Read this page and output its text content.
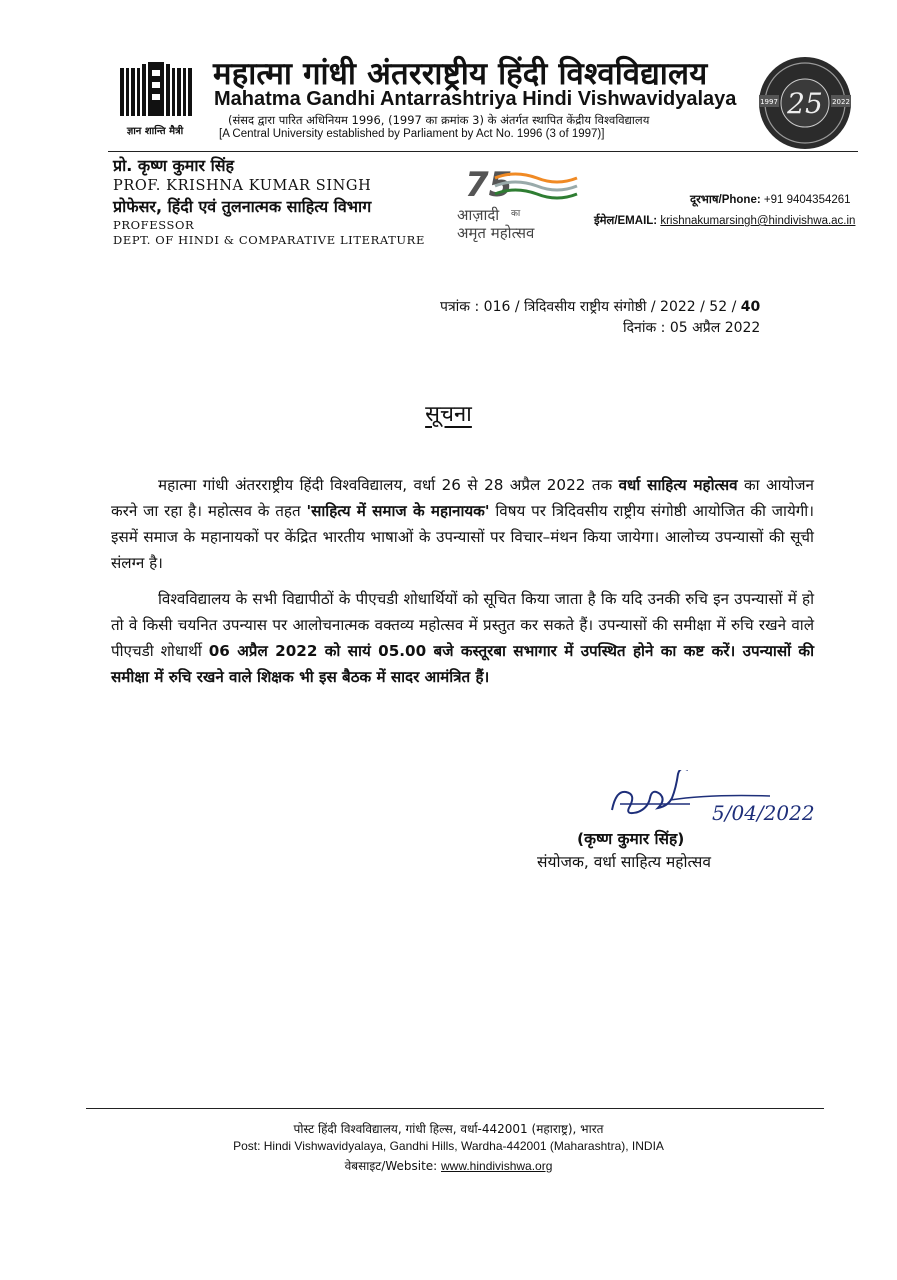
ज्ञान शान्ति मैत्री
महात्मा गांधी अंतरराष्ट्रीय हिंदी विश्वविद्यालय
Mahatma Gandhi Antarrashtriya Hindi Vishwavidyalaya
(संसद द्वारा पारित अधिनियम 1996, (1997 का क्रमांक 3) के अंतर्गत स्थापित केंद्रीय विश्वविद्यालय
[A Central University established by Parliament by Act No. 1996 (3 of 1997)]
1997	2022
25
प्रो. कृष्ण कुमार सिंह
PROF. KRISHNA KUMAR SINGH
प्रोफेसर, हिंदी एवं तुलनात्मक साहित्य विभाग
PROFESSOR
DEPT. OF HINDI & COMPARATIVE LITERATURE
75
आज़ादी का
अमृत महोत्सव
दूरभाष/Phone: +91 9404354261
ईमेल/EMAIL: krishnakumarsingh@hindivishwa.ac.in
पत्रांक : 016 / त्रिदिवसीय राष्ट्रीय संगोष्ठी / 2022 / 52 / 40
दिनांक : 05 अप्रैल 2022
सूचना

महात्मा गांधी अंतरराष्ट्रीय हिंदी विश्वविद्यालय, वर्धा 26 से 28 अप्रैल 2022 तक वर्धा साहित्य महोत्सव का आयोजन करने जा रहा है। महोत्सव के तहत 'साहित्य में समाज के महानायक' विषय पर त्रिदिवसीय राष्ट्रीय संगोष्ठी आयोजित की जायेगी। इसमें समाज के महानायकों पर केंद्रित भारतीय भाषाओं के उपन्यासों पर विचार–मंथन किया जायेगा। आलोच्य उपन्यासों की सूची संलग्न है।

विश्वविद्यालय के सभी विद्यापीठों के पीएचडी शोधार्थियों को सूचित किया जाता है कि यदि उनकी रुचि इन उपन्यासों में हो तो वे किसी चयनित उपन्यास पर आलोचनात्मक वक्तव्य महोत्सव में प्रस्तुत कर सकते हैं। उपन्यासों की समीक्षा में रुचि रखने वाले पीएचडी शोधार्थी 06 अप्रैल 2022 को सायं 05.00 बजे कस्तूरबा सभागार में उपस्थित होने का कष्ट करें। उपन्यासों की समीक्षा में रुचि रखने वाले शिक्षक भी इस बैठक में सादर आमंत्रित हैं।

5/04/2022
(कृष्ण कुमार सिंह)
संयोजक, वर्धा साहित्य महोत्सव
पोस्ट हिंदी विश्वविद्यालय, गांधी हिल्स, वर्धा-442001 (महाराष्ट्र), भारत
Post: Hindi Vishwavidyalaya, Gandhi Hills, Wardha-442001 (Maharashtra), INDIA
वेबसाइट/Website: www.hindivishwa.org
